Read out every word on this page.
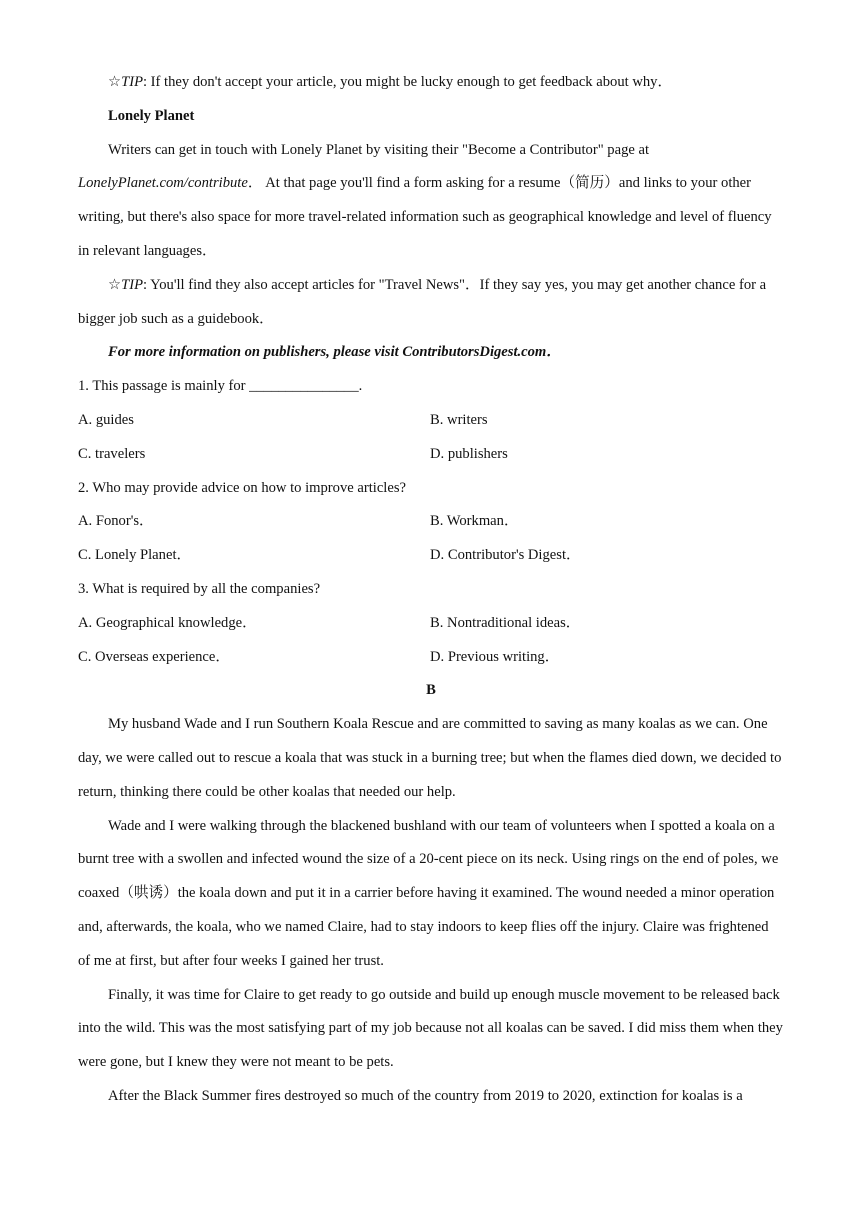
☆TIP: If they don't accept your article, you might be lucky enough to get feedback about why．

Lonely Planet

Writers can get in touch with Lonely Planet by visiting their "Become a Contributor" page at
LonelyPlanet.com/contribute． At that page you'll find a form asking for a resume（简历）and links to your other writing, but there's also space for more travel-related information such as geographical knowledge and level of fluency in relevant languages．

☆TIP: You'll find they also accept articles for "Travel News"．If they say yes, you may get another chance for a bigger job such as a guidebook．

For more information on publishers, please visit ContributorsDigest.com．

1. This passage is mainly for _______________.

A. guides	B. writers
C. travelers	D. publishers

2. Who may provide advice on how to improve articles?

A. Fonor's．	B. Workman．
C. Lonely Planet．	D. Contributor's Digest．

3. What is required by all the companies?

A. Geographical knowledge．	B. Nontraditional ideas．
C. Overseas experience．	D. Previous writing．

B

My husband Wade and I run Southern Koala Rescue and are committed to saving as many koalas as we can. One day, we were called out to rescue a koala that was stuck in a burning tree; but when the flames died down, we decided to return, thinking there could be other koalas that needed our help.

Wade and I were walking through the blackened bushland with our team of volunteers when I spotted a koala on a burnt tree with a swollen and infected wound the size of a 20-cent piece on its neck. Using rings on the end of poles, we coaxed（哄诱）the koala down and put it in a carrier before having it examined. The wound needed a minor operation and, afterwards, the koala, who we named Claire, had to stay indoors to keep flies off the injury. Claire was frightened of me at first, but after four weeks I gained her trust.

Finally, it was time for Claire to get ready to go outside and build up enough muscle movement to be released back into the wild. This was the most satisfying part of my job because not all koalas can be saved. I did miss them when they were gone, but I knew they were not meant to be pets.

After the Black Summer fires destroyed so much of the country from 2019 to 2020, extinction for koalas is a
